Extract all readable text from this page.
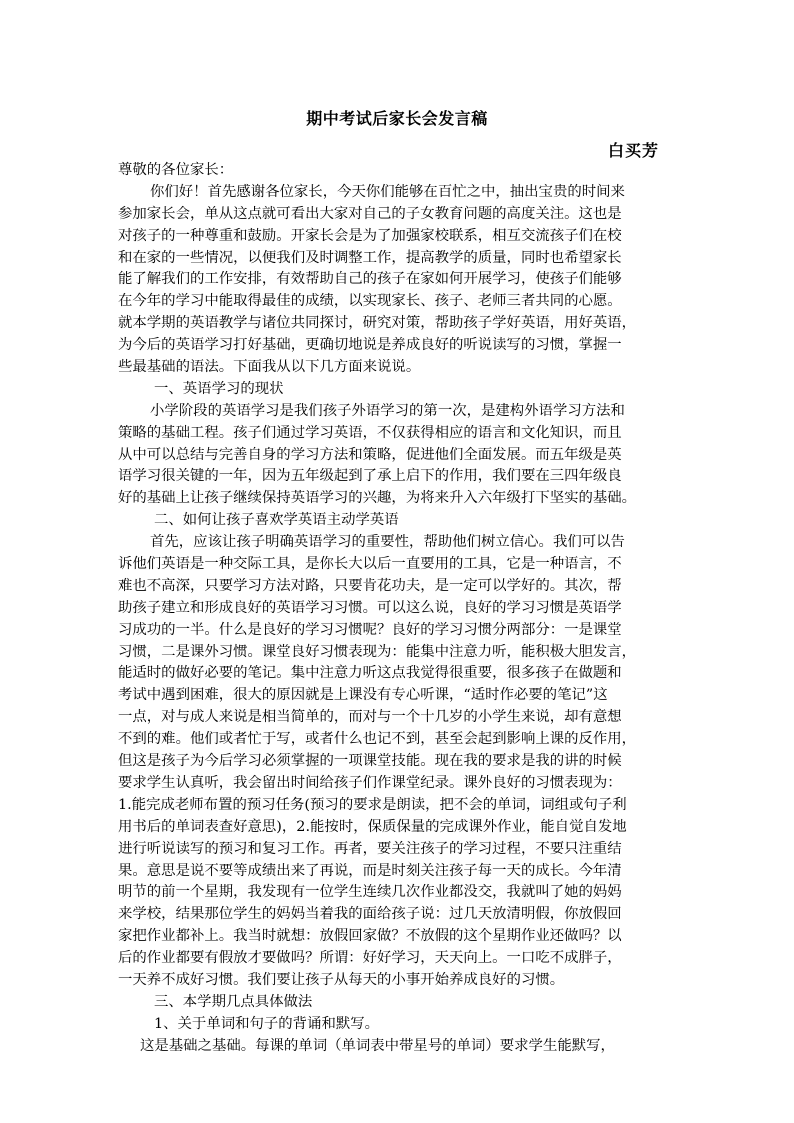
期中考试后家长会发言稿
白买芳
尊敬的各位家长：
你们好！首先感谢各位家长，今天你们能够在百忙之中，抽出宝贵的时间来
参加家长会，单从这点就可看出大家对自己的子女教育问题的高度关注。这也是
对孩子的一种尊重和鼓励。开家长会是为了加强家校联系，相互交流孩子们在校
和在家的一些情况，以便我们及时调整工作，提高教学的质量，同时也希望家长
能了解我们的工作安排，有效帮助自己的孩子在家如何开展学习，使孩子们能够
在今年的学习中能取得最佳的成绩，以实现家长、孩子、老师三者共同的心愿。
就本学期的英语教学与诸位共同探讨，研究对策，帮助孩子学好英语，用好英语，
为今后的英语学习打好基础，更确切地说是养成良好的听说读写的习惯，掌握一
些最基础的语法。下面我从以下几方面来说说。
一、英语学习的现状
小学阶段的英语学习是我们孩子外语学习的第一次，是建构外语学习方法和
策略的基础工程。孩子们通过学习英语，不仅获得相应的语言和文化知识，而且
从中可以总结与完善自身的学习方法和策略，促进他们全面发展。而五年级是英
语学习很关键的一年，因为五年级起到了承上启下的作用，我们要在三四年级良
好的基础上让孩子继续保持英语学习的兴趣，为将来升入六年级打下坚实的基础。
二、如何让孩子喜欢学英语主动学英语
首先，应该让孩子明确英语学习的重要性，帮助他们树立信心。我们可以告
诉他们英语是一种交际工具，是你长大以后一直要用的工具，它是一种语言，不
难也不高深，只要学习方法对路，只要肯花功夫，是一定可以学好的。其次，帮
助孩子建立和形成良好的英语学习习惯。可以这么说，良好的学习习惯是英语学
习成功的一半。什么是良好的学习习惯呢？良好的学习习惯分两部分：一是课堂
习惯，二是课外习惯。课堂良好习惯表现为：能集中注意力听，能积极大胆发言，
能适时的做好必要的笔记。集中注意力听这点我觉得很重要，很多孩子在做题和
考试中遇到困难，很大的原因就是上课没有专心听课，“适时作必要的笔记”这
一点，对与成人来说是相当简单的，而对与一个十几岁的小学生来说，却有意想
不到的难。他们或者忙于写，或者什么也记不到，甚至会起到影响上课的反作用，
但这是孩子为今后学习必须掌握的一项课堂技能。现在我的要求是我的讲的时候
要求学生认真听，我会留出时间给孩子们作课堂纪录。课外良好的习惯表现为：
1.能完成老师布置的预习任务(预习的要求是朗读，把不会的单词，词组或句子利
用书后的单词表查好意思)，2.能按时，保质保量的完成课外作业，能自觉自发地
进行听说读写的预习和复习工作。再者，要关注孩子的学习过程，不要只注重结
果。意思是说不要等成绩出来了再说，而是时刻关注孩子每一天的成长。今年清
明节的前一个星期，我发现有一位学生连续几次作业都没交，我就叫了她的妈妈
来学校，结果那位学生的妈妈当着我的面给孩子说：过几天放清明假，你放假回
家把作业都补上。我当时就想：放假回家做？不放假的这个星期作业还做吗？以
后的作业都要有假放才要做吗？所谓：好好学习，天天向上。一口吃不成胖子，
一天养不成好习惯。我们要让孩子从每天的小事开始养成良好的习惯。
三、本学期几点具体做法
1、关于单词和句子的背诵和默写。
这是基础之基础。每课的单词（单词表中带星号的单词）要求学生能默写，
